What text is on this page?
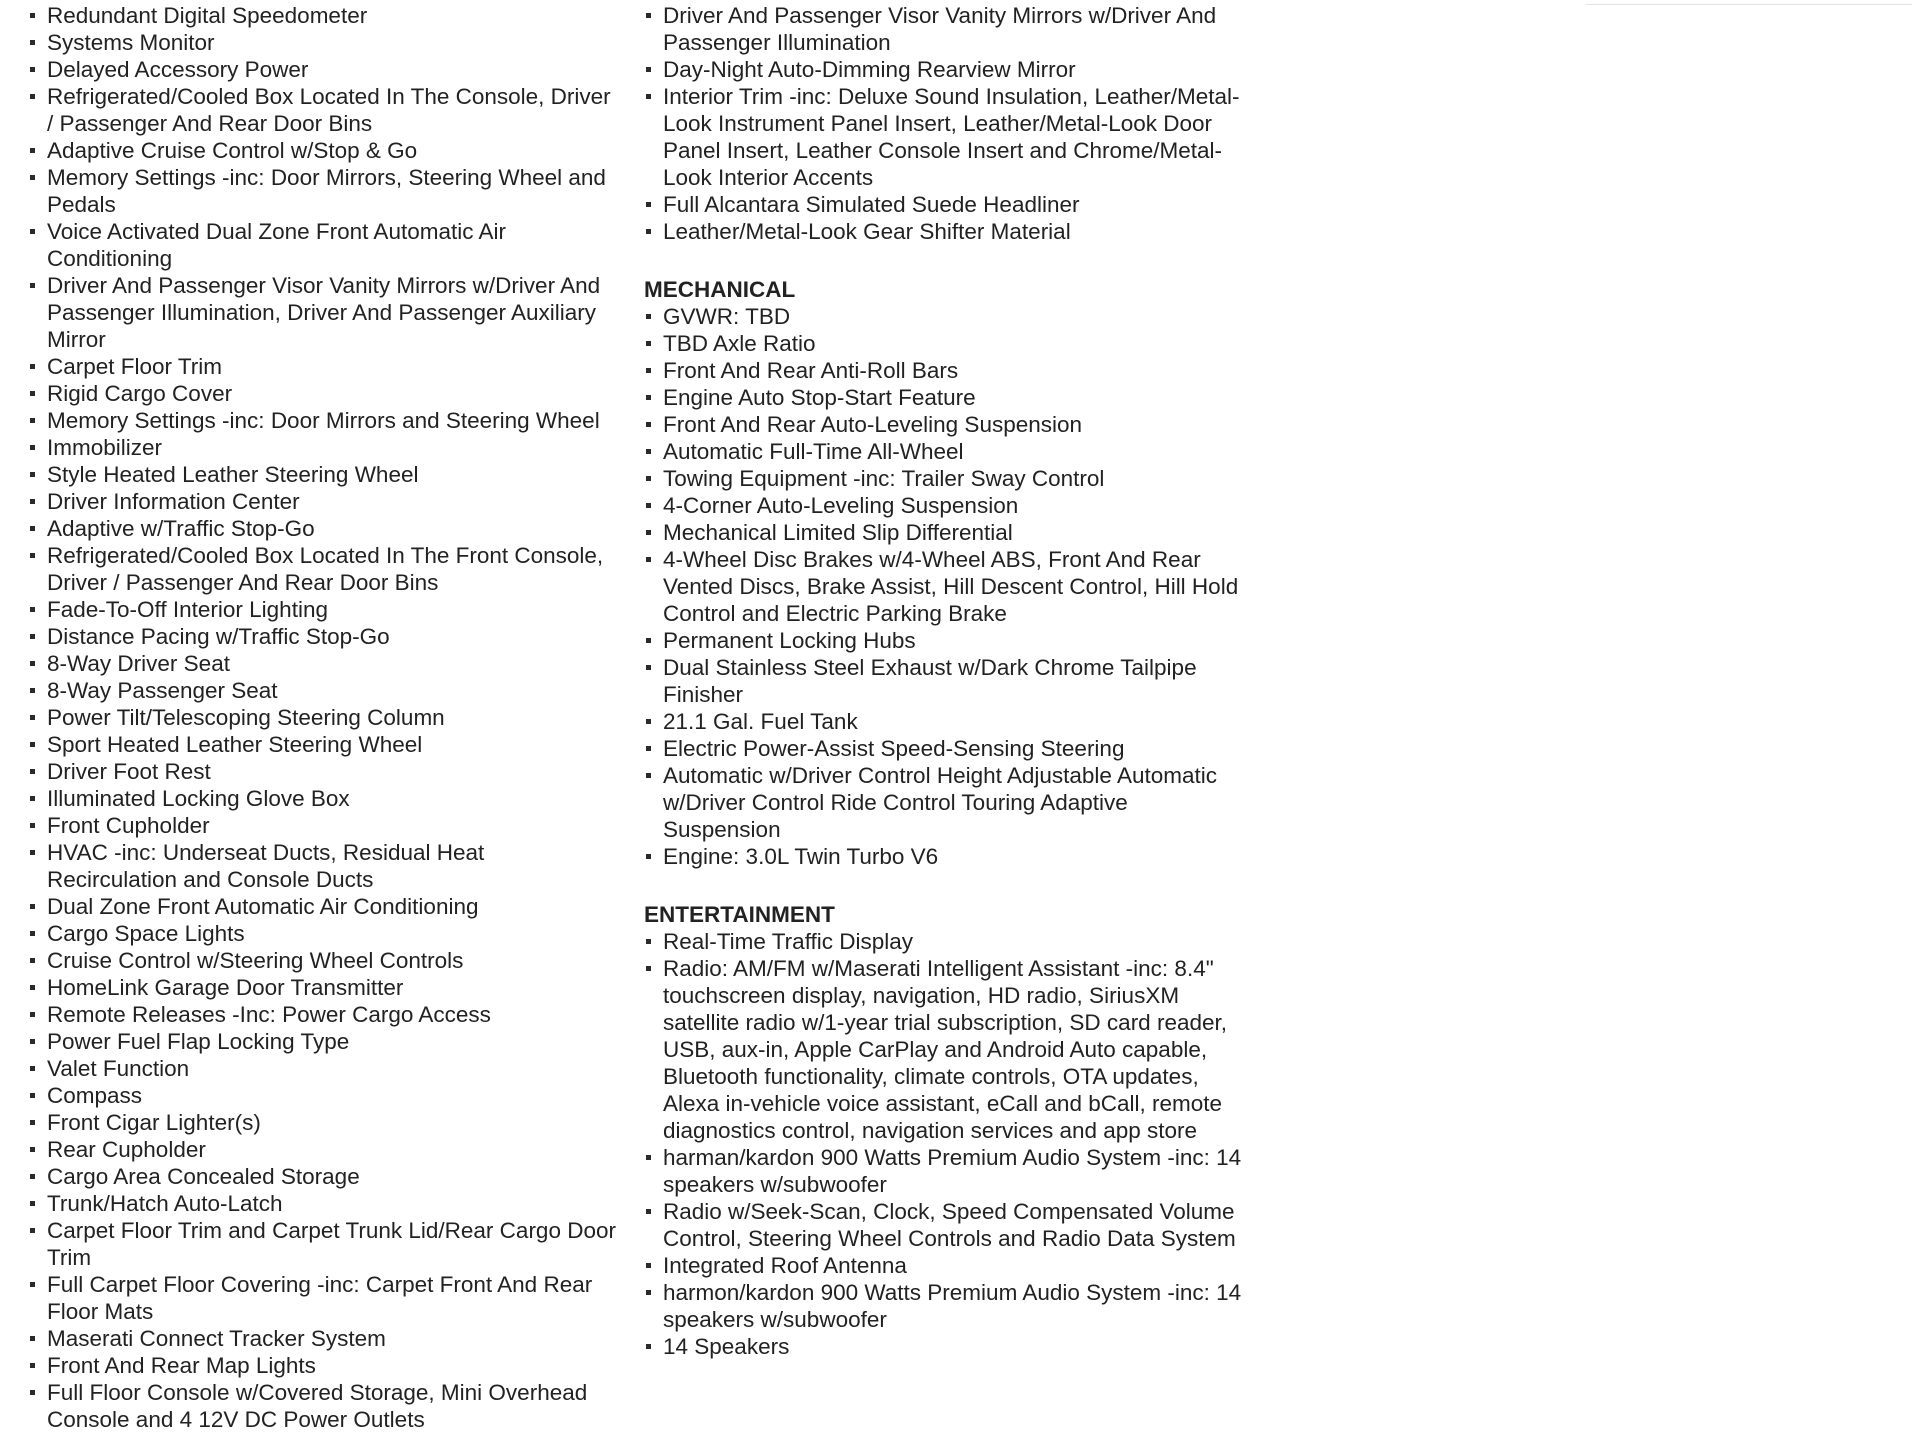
Redundant Digital Speedometer
Systems Monitor
Delayed Accessory Power
Refrigerated/Cooled Box Located In The Console, Driver / Passenger And Rear Door Bins
Adaptive Cruise Control w/Stop & Go
Memory Settings -inc: Door Mirrors, Steering Wheel and Pedals
Voice Activated Dual Zone Front Automatic Air Conditioning
Driver And Passenger Visor Vanity Mirrors w/Driver And Passenger Illumination, Driver And Passenger Auxiliary Mirror
Carpet Floor Trim
Rigid Cargo Cover
Memory Settings -inc: Door Mirrors and Steering Wheel
Immobilizer
Style Heated Leather Steering Wheel
Driver Information Center
Adaptive w/Traffic Stop-Go
Refrigerated/Cooled Box Located In The Front Console, Driver / Passenger And Rear Door Bins
Fade-To-Off Interior Lighting
Distance Pacing w/Traffic Stop-Go
8-Way Driver Seat
8-Way Passenger Seat
Power Tilt/Telescoping Steering Column
Sport Heated Leather Steering Wheel
Driver Foot Rest
Illuminated Locking Glove Box
Front Cupholder
HVAC -inc: Underseat Ducts, Residual Heat Recirculation and Console Ducts
Dual Zone Front Automatic Air Conditioning
Cargo Space Lights
Cruise Control w/Steering Wheel Controls
HomeLink Garage Door Transmitter
Remote Releases -Inc: Power Cargo Access
Power Fuel Flap Locking Type
Valet Function
Compass
Front Cigar Lighter(s)
Rear Cupholder
Cargo Area Concealed Storage
Trunk/Hatch Auto-Latch
Carpet Floor Trim and Carpet Trunk Lid/Rear Cargo Door Trim
Full Carpet Floor Covering -inc: Carpet Front And Rear Floor Mats
Maserati Connect Tracker System
Front And Rear Map Lights
Full Floor Console w/Covered Storage, Mini Overhead Console and 4 12V DC Power Outlets
Driver And Passenger Visor Vanity Mirrors w/Driver And Passenger Illumination
Day-Night Auto-Dimming Rearview Mirror
Interior Trim -inc: Deluxe Sound Insulation, Leather/Metal-Look Instrument Panel Insert, Leather/Metal-Look Door Panel Insert, Leather Console Insert and Chrome/Metal-Look Interior Accents
Full Alcantara Simulated Suede Headliner
Leather/Metal-Look Gear Shifter Material
MECHANICAL
GVWR: TBD
TBD Axle Ratio
Front And Rear Anti-Roll Bars
Engine Auto Stop-Start Feature
Front And Rear Auto-Leveling Suspension
Automatic Full-Time All-Wheel
Towing Equipment -inc: Trailer Sway Control
4-Corner Auto-Leveling Suspension
Mechanical Limited Slip Differential
4-Wheel Disc Brakes w/4-Wheel ABS, Front And Rear Vented Discs, Brake Assist, Hill Descent Control, Hill Hold Control and Electric Parking Brake
Permanent Locking Hubs
Dual Stainless Steel Exhaust w/Dark Chrome Tailpipe Finisher
21.1 Gal. Fuel Tank
Electric Power-Assist Speed-Sensing Steering
Automatic w/Driver Control Height Adjustable Automatic w/Driver Control Ride Control Touring Adaptive Suspension
Engine: 3.0L Twin Turbo V6
ENTERTAINMENT
Real-Time Traffic Display
Radio: AM/FM w/Maserati Intelligent Assistant -inc: 8.4" touchscreen display, navigation, HD radio, SiriusXM satellite radio w/1-year trial subscription, SD card reader, USB, aux-in, Apple CarPlay and Android Auto capable, Bluetooth functionality, climate controls, OTA updates, Alexa in-vehicle voice assistant, eCall and bCall, remote diagnostics control, navigation services and app store
harman/kardon 900 Watts Premium Audio System -inc: 14 speakers w/subwoofer
Radio w/Seek-Scan, Clock, Speed Compensated Volume Control, Steering Wheel Controls and Radio Data System
Integrated Roof Antenna
harmon/kardon 900 Watts Premium Audio System -inc: 14 speakers w/subwoofer
14 Speakers
